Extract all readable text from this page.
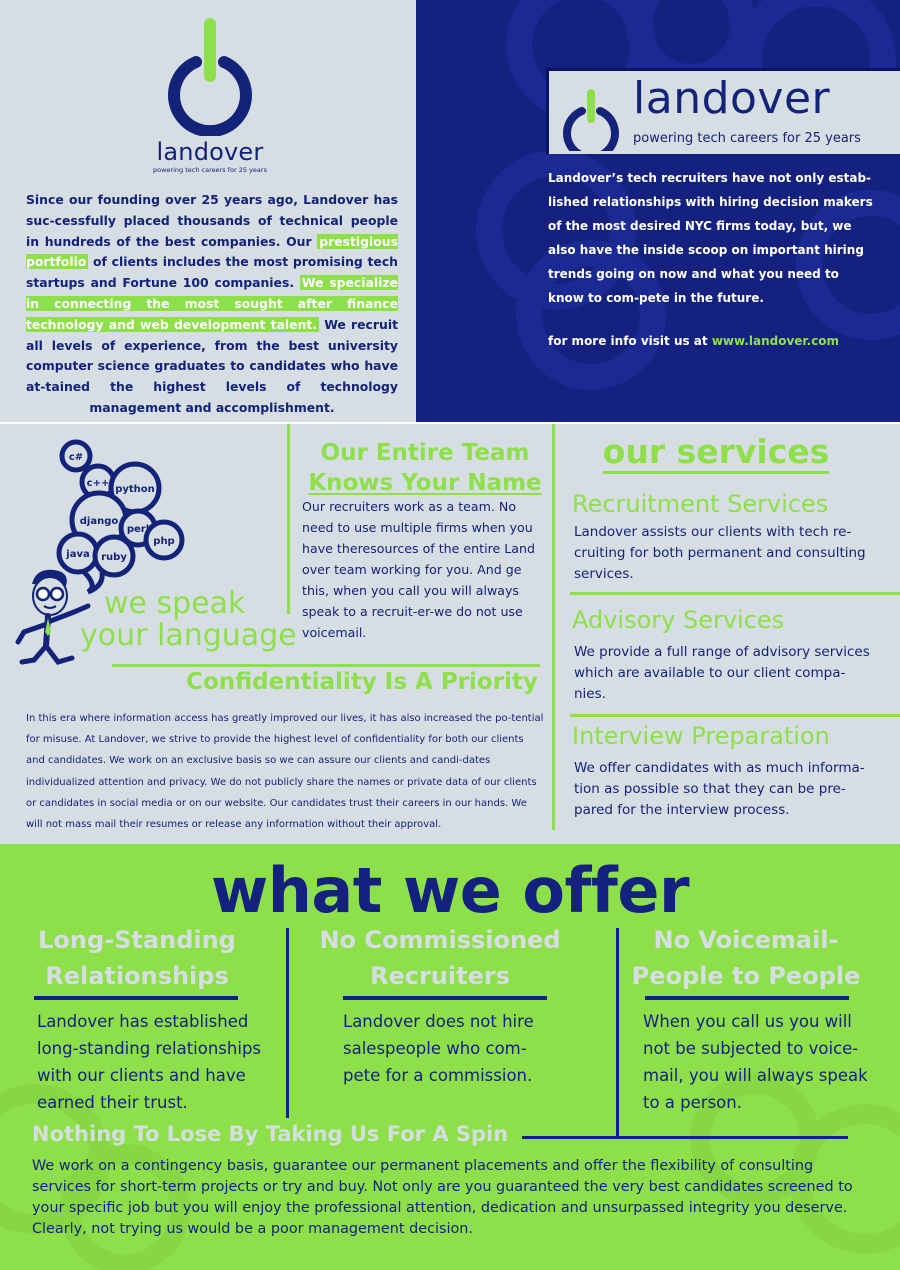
landover
powering tech careers for 25 years

Since our founding over 25 years ago, Landover has suc-cessfully placed thousands of technical people in hundreds of the best companies. Our prestigious portfolio of clients includes the most promising tech startups and Fortune 100 companies. We specialize in connecting the most sought after finance technology and web development talent. We recruit all levels of experience, from the best university computer science graduates to candidates who have at-tained the highest levels of technology management and accomplishment.

landover
powering tech careers for 25 years

Landover’s tech recruiters have not only estab-lished relationships with hiring decision makers of the most desired NYC firms today, but, we also have the inside scoop on important hiring trends going on now and what you need to know to com-pete in the future.

for more info visit us at www.landover.com

c#
c++
python
django
perl
php
java ruby
we speak
your language
Our Entire Team
Knows Your Name

Our recruiters work as a team. No need to use multiple firms when you have theresources of the entire Land over team working for you. And ge this, when you call you will always speak to a recruit-er-we do not use voicemail.

Confidentiality Is A Priority

In this era where information access has greatly improved our lives, it has also increased the po-tential for misuse. At Landover, we strive to provide the highest level of confidentiality for both our clients and candidates. We work on an exclusive basis so we can assure our clients and candi-dates individualized attention and privacy. We do not publicly share the names or private data of our clients or candidates in social media or on our website. Our candidates trust their careers in our hands. We will not mass mail their resumes or release any information without their approval.

our services
Recruitment Services

Landover assists our clients with tech re-cruiting for both permanent and consulting services.

Advisory Services

We provide a full range of advisory services which are available to our client compa-nies.

Interview Preparation

We offer candidates with as much informa-tion as possible so that they can be pre-pared for the interview process.

what we offer
Long-Standing
Relationships

Landover has established long-standing relationships with our clients and have earned their trust.

No Commissioned
Recruiters

Landover does not hire salespeople who com-pete for a commission.

No Voicemail-
People to People

When you call us you will not be subjected to voice-mail, you will always speak to a person.

Nothing To Lose By Taking Us For A Spin

We work on a contingency basis, guarantee our permanent placements and offer the flexibility of consulting services for short-term projects or try and buy. Not only are you guaranteed the very best candidates screened to your specific job but you will enjoy the professional attention, dedication and unsurpassed integrity you deserve. Clearly, not trying us would be a poor management decision.
